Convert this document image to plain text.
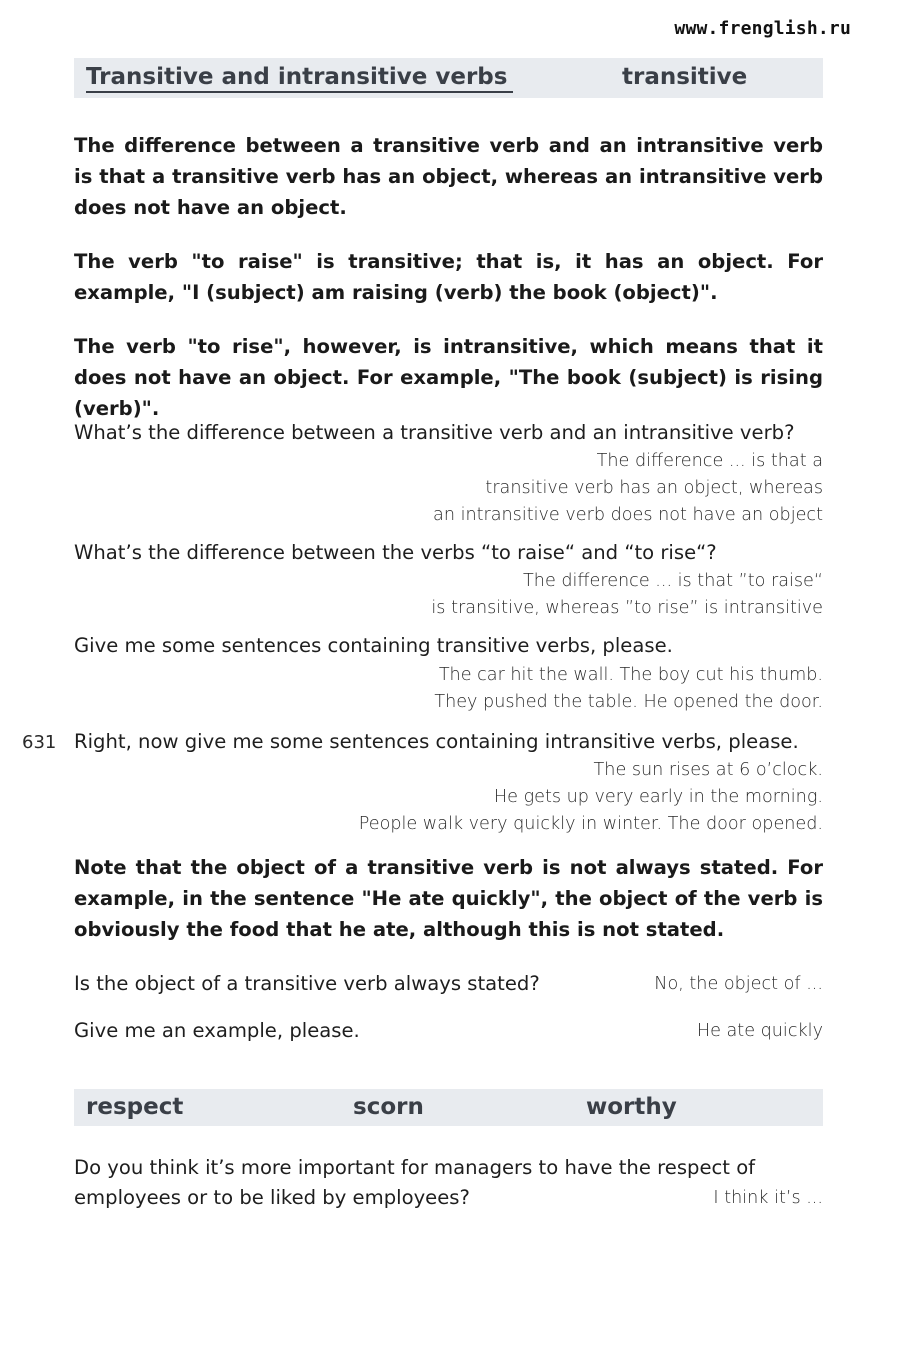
www.frenglish.ru
Transitive and intransitive verbs	transitive
The difference between a transitive verb and an intransitive verb is that a transitive verb has an object, whereas an intransitive verb does not have an object.
The verb "to raise" is transitive; that is, it has an object. For example, "I (subject) am raising (verb) the book (object)".
The verb "to rise", however, is intransitive, which means that it does not have an object. For example, "The book (subject) is rising (verb)".
What’s the difference between a transitive verb and an intransitive verb?
The difference ... is that a
transitive verb has an object, whereas
an intransitive verb does not have an object
What’s the difference between the verbs “to raise“ and “to rise“?
The difference ... is that ”to raise“
is transitive, whereas ”to rise” is intransitive
Give me some sentences containing transitive verbs, please.
The car hit the wall. The boy cut his thumb.
They pushed the table. He opened the door.
631 Right, now give me some sentences containing intransitive verbs, please.
The sun rises at 6 o’clock.
He gets up very early in the morning.
People walk very quickly in winter. The door opened.
Note that the object of a transitive verb is not always stated. For example, in the sentence "He ate quickly", the object of the verb is obviously the food that he ate, although this is not stated.
Is the object of a transitive verb always stated?	No, the object of ...
Give me an example, please.	He ate quickly
respect	scorn	worthy
Do you think it’s more important for managers to have the respect of
employees or to be liked by employees?	I think it’s ...
